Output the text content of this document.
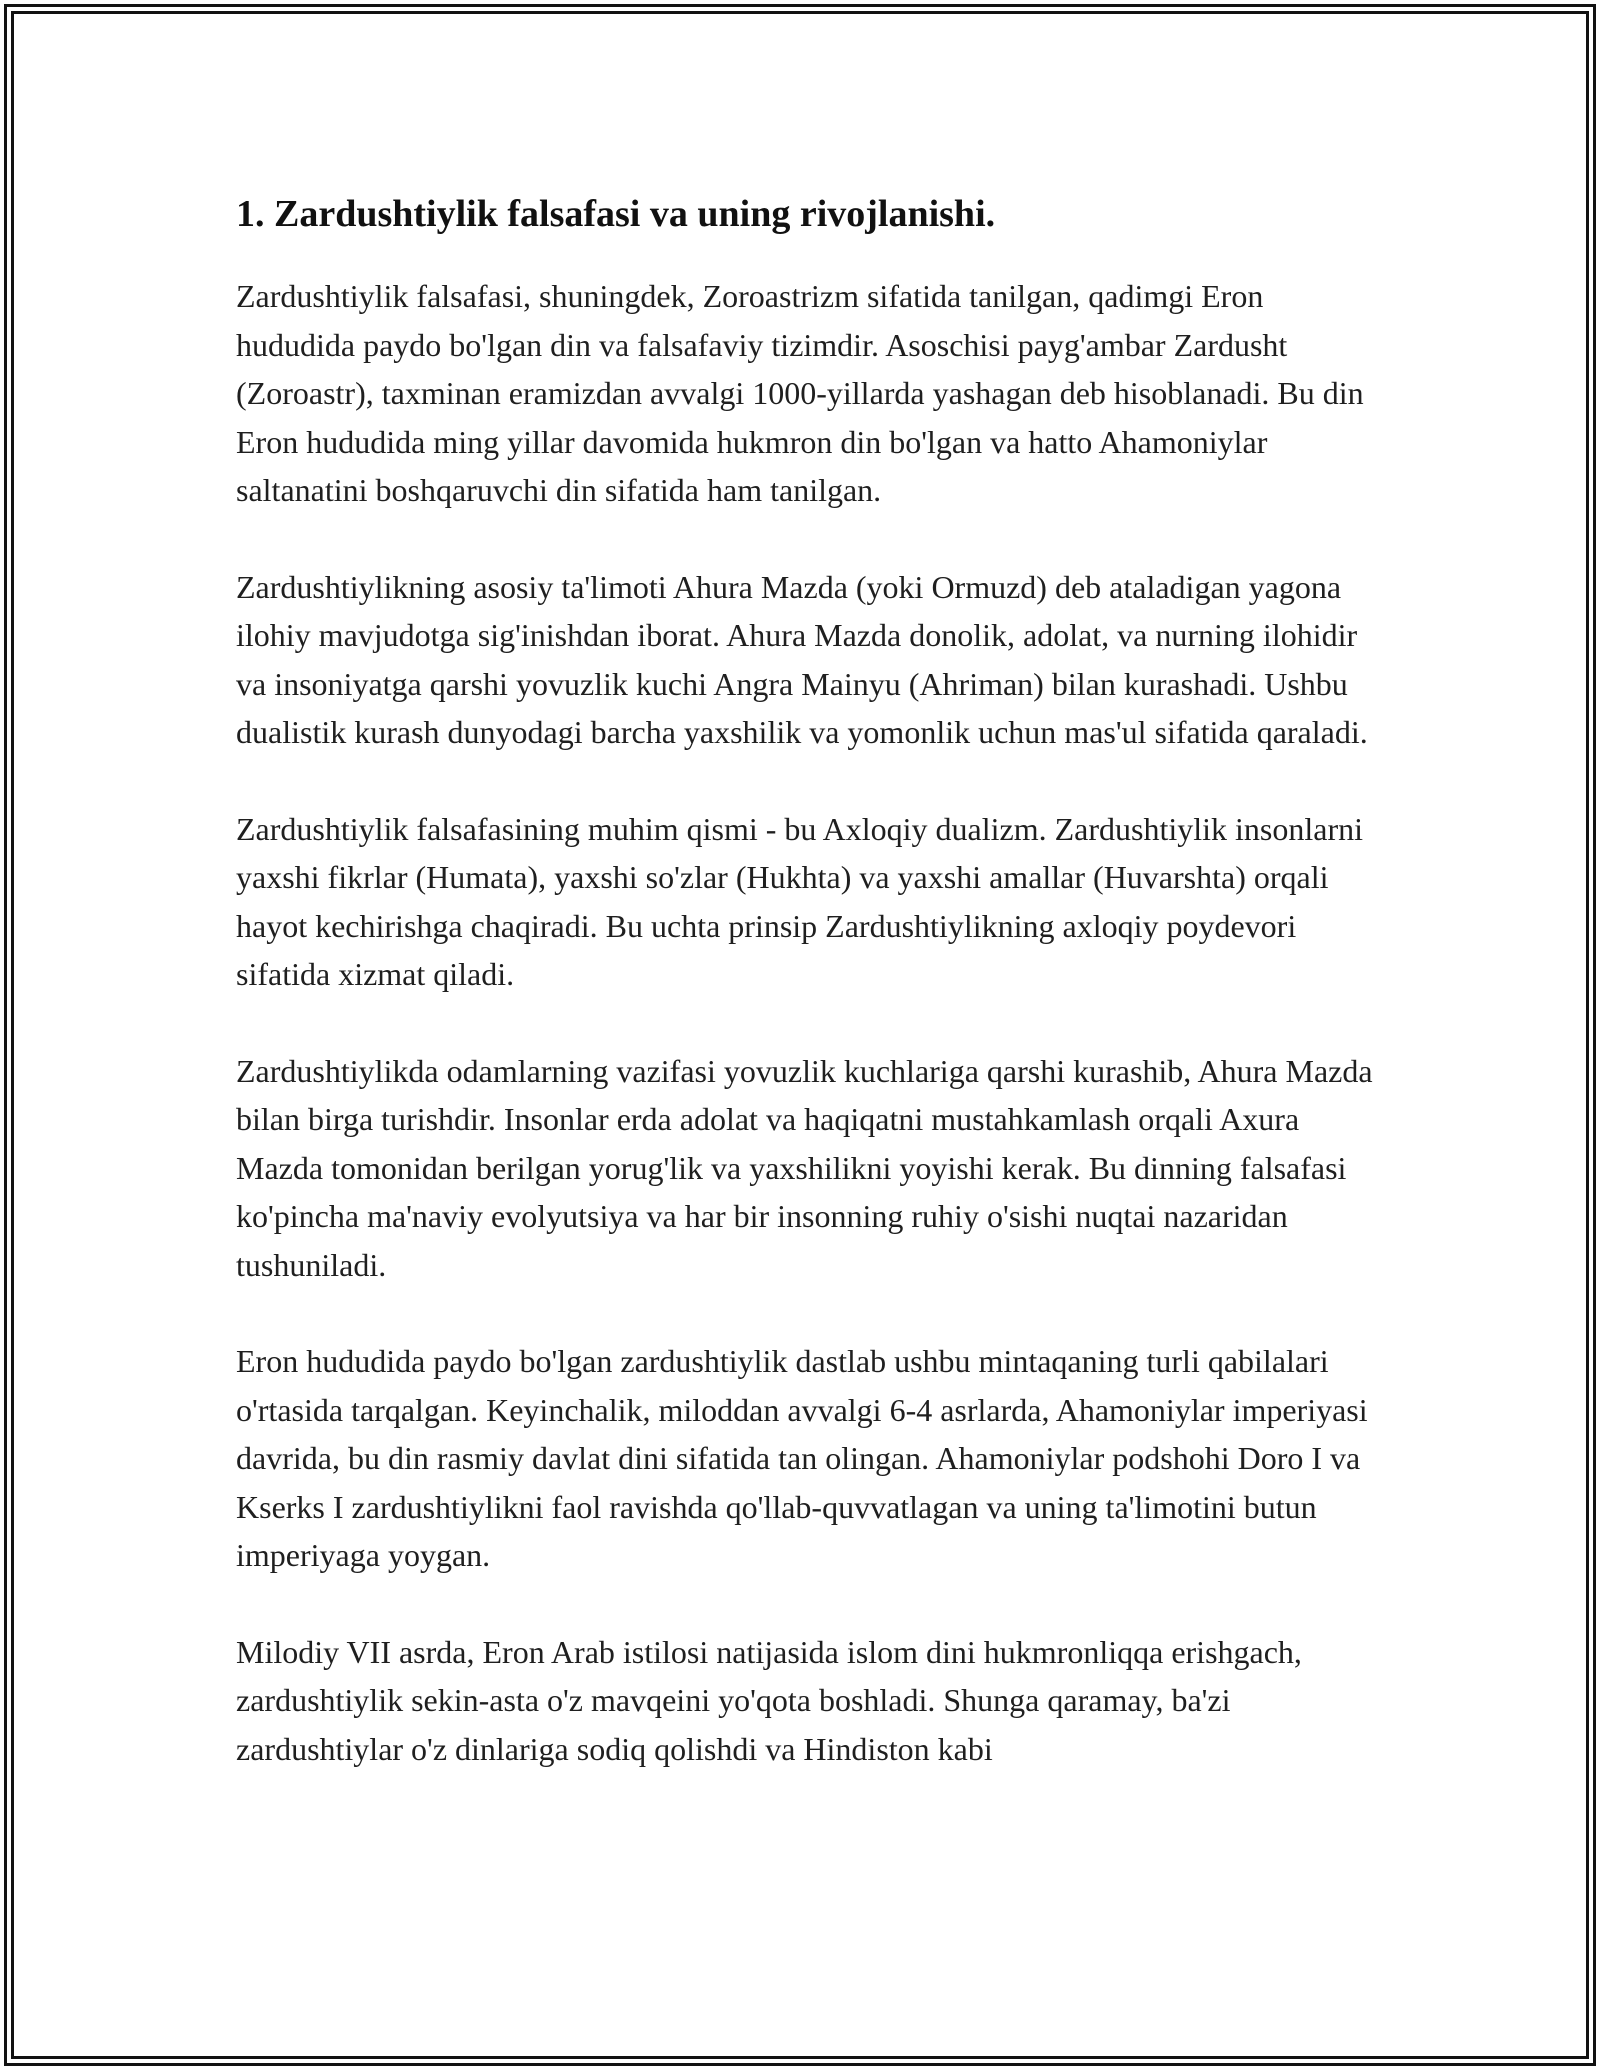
1. Zardushtiylik falsafasi va uning rivojlanishi.

Zardushtiylik falsafasi, shuningdek, Zoroastrizm sifatida tanilgan, qadimgi Eron hududida paydo bo'lgan din va falsafaviy tizimdir. Asoschisi payg'ambar Zardusht (Zoroastr), taxminan eramizdan avvalgi 1000-yillarda yashagan deb hisoblanadi. Bu din Eron hududida ming yillar davomida hukmron din bo'lgan va hatto Ahamoniylar saltanatini boshqaruvchi din sifatida ham tanilgan.

Zardushtiylikning asosiy ta'limoti Ahura Mazda (yoki Ormuzd) deb ataladigan yagona ilohiy mavjudotga sig'inishdan iborat. Ahura Mazda donolik, adolat, va nurning ilohidir va insoniyatga qarshi yovuzlik kuchi Angra Mainyu (Ahriman) bilan kurashadi. Ushbu dualistik kurash dunyodagi barcha yaxshilik va yomonlik uchun mas'ul sifatida qaraladi.

Zardushtiylik falsafasining muhim qismi - bu Axloqiy dualizm. Zardushtiylik insonlarni yaxshi fikrlar (Humata), yaxshi so'zlar (Hukhta) va yaxshi amallar (Huvarshta) orqali hayot kechirishga chaqiradi. Bu uchta prinsip Zardushtiylikning axloqiy poydevori sifatida xizmat qiladi.

Zardushtiylikda odamlarning vazifasi yovuzlik kuchlariga qarshi kurashib, Ahura Mazda bilan birga turishdir. Insonlar erda adolat va haqiqatni mustahkamlash orqali Axura Mazda tomonidan berilgan yorug'lik va yaxshilikni yoyishi kerak. Bu dinning falsafasi ko'pincha ma'naviy evolyutsiya va har bir insonning ruhiy o'sishi nuqtai nazaridan tushuniladi.

Eron hududida paydo bo'lgan zardushtiylik dastlab ushbu mintaqaning turli qabilalari o'rtasida tarqalgan. Keyinchalik, miloddan avvalgi 6-4 asrlarda, Ahamoniylar imperiyasi davrida, bu din rasmiy davlat dini sifatida tan olingan. Ahamoniylar podshohi Doro I va Kserks I zardushtiylikni faol ravishda qo'llab-quvvatlagan va uning ta'limotini butun imperiyaga yoygan.

Milodiy VII asrda, Eron Arab istilosi natijasida islom dini hukmronliqqa erishgach, zardushtiylik sekin-asta o'z mavqeini yo'qota boshladi. Shunga qaramay, ba'zi zardushtiylar o'z dinlariga sodiq qolishdi va Hindiston kabi
